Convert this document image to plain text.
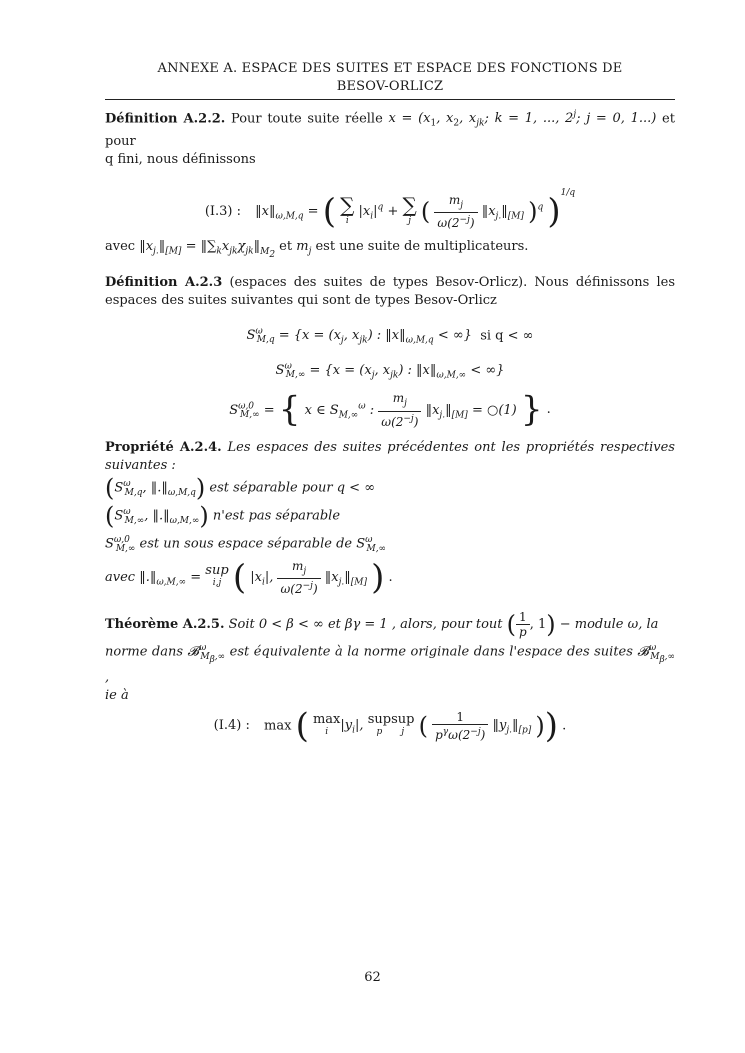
ANNEXE A. ESPACE DES SUITES ET ESPACE DES FONCTIONS DE
BESOV-ORLICZ

Définition A.2.2. Pour toute suite réelle $x = (x_1$, $x_2$, $x_{jk}$; k = 1, ..., 2$^j$; j = 0, 1...) et pour
q fini, nous définissons

(I.3) : $‖x‖_{\omega,M,q}$ = ( ∑
i
$|x_i|^q$ + ∑
j ( $\frac{m_j}{\omega(2^{-j})}$ $‖x_{j.}‖_{[M]}$ )$^q$ )$^{1/q}$

avec $‖x_{j.}‖_{[M]}$ = $‖\sum_kx_{jk}\chi_{jk}‖_{M_2}$ et $m_j$ est une suite de multiplicateurs.

Définition A.2.3 (espaces des suites de types Besov-Orlicz). Nous définissons les espaces des suites suivantes qui sont de types Besov-Orlicz

$S^\omega_{M,q} = \{x = (x_j$, $x_{jk}$) : $‖x‖_{\omega,M,q}$ < ∞} si q < ∞
$S^\omega_{M,\infty} = \{x = (x_j$, $x_{jk}$) : $‖x‖_{\omega,M,\infty}$ < ∞}
$S^{\omega,0}_{M,\infty}$ = { x ∈ $S_{M,\infty}^\omega$ : $\frac{m_j}{\omega(2^{-j})}$ $‖x_{j.}‖_{[M]}$ = ○(1) } .

Propriété A.2.4. Les espaces des suites précédentes ont les propriétés respectives suivantes :

($S^\omega_{M,q}$, $‖.‖_{\omega,M,q}$) est séparable pour q < ∞

($S^\omega_{M,\infty}$, $‖.‖_{\omega,M,\infty}$) n'est pas séparable

$S^{\omega,0}_{M,\infty}$ est un sous espace séparable de $S^\omega_{M,\infty}$

avec $‖.‖_{\omega,M,\infty}$ = sup
i,j ( $|x_i|$, $\frac{m_j}{\omega(2^{-j})}$ $‖x_{j.}‖_{[M]}$ ) .

Théorème A.2.5. Soit 0 < β < ∞ et βγ = 1 , alors, pour tout ( $\frac{1}{p}$ , 1) − module ω, la

norme dans 𝓑$^\omega_{M_\beta,\infty}$ est équivalente à la norme originale dans l'espace des suites 𝓑$^\omega_{M_\beta,\infty}$ ,
ie à

(I.4) : max ( max
i $|y_i|$, sup
p
sup
j ( $\frac{1}{p^\gamma\omega(2^{-j})}$ $‖y_{j.}‖_{[p]}$ )) .
62
